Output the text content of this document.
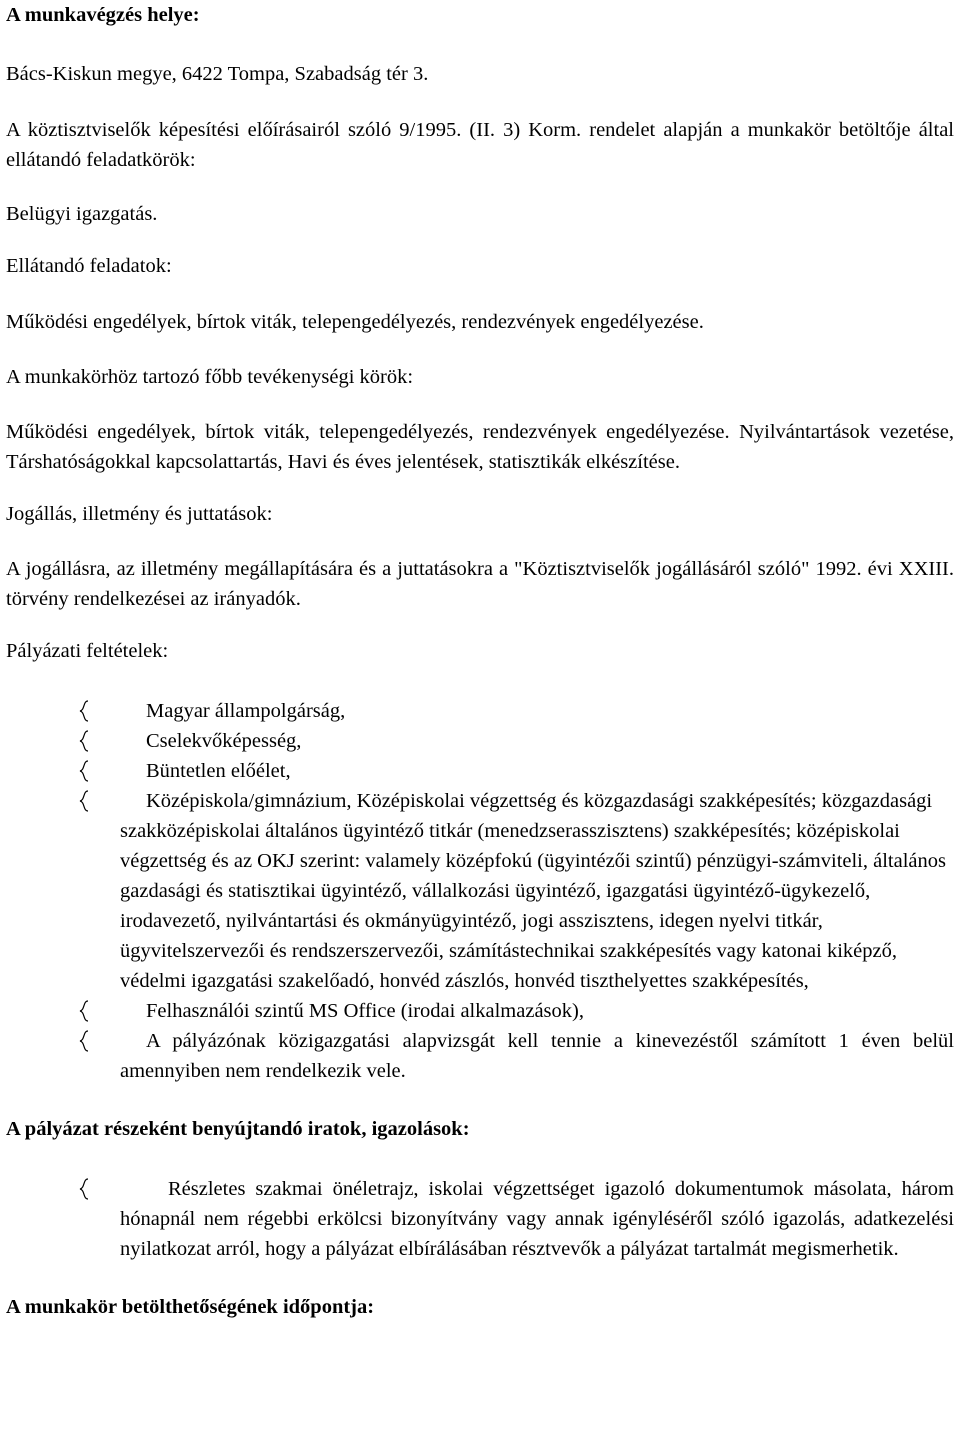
A munkavégzés helye:

Bács-Kiskun megye, 6422 Tompa, Szabadság tér 3.

A köztisztviselők képesítési előírásairól szóló 9/1995. (II. 3) Korm. rendelet alapján a munkakör betöltője által ellátandó feladatkörök:

Belügyi igazgatás.

Ellátandó feladatok:

Működési engedélyek, bírtok viták, telepengedélyezés, rendezvények engedélyezése.

A munkakörhöz tartozó főbb tevékenységi körök:

Működési engedélyek, bírtok viták, telepengedélyezés, rendezvények engedélyezése. Nyilvántartások vezetése, Társhatóságokkal kapcsolattartás, Havi és éves jelentések, statisztikák elkészítése.

Jogállás, illetmény és juttatások:

A jogállásra, az illetmény megállapítására és a juttatásokra a "Köztisztviselők jogállásáról szóló" 1992. évi XXIII. törvény rendelkezései az irányadók.

Pályázati feltételek:

Magyar állampolgárság,
Cselekvőképesség,
Büntetlen előélet,
Középiskola/gimnázium, Középiskolai végzettség és közgazdasági szakképesítés; közgazdasági szakközépiskolai általános ügyintéző titkár (menedzserasszisztens) szakképesítés; középiskolai végzettség és az OKJ szerint: valamely középfokú (ügyintézői szintű) pénzügyi-számviteli, általános gazdasági és statisztikai ügyintéző, vállalkozási ügyintéző, igazgatási ügyintéző-ügykezelő, irodavezető, nyilvántartási és okmányügyintéző, jogi asszisztens, idegen nyelvi titkár, ügyvitelszervezői és rendszerszervezői, számítástechnikai szakképesítés vagy katonai kiképző, védelmi igazgatási szakelőadó, honvéd zászlós, honvéd tiszthelyettes szakképesítés,
Felhasználói szintű MS Office (irodai alkalmazások),
A pályázónak közigazgatási alapvizsgát kell tennie a kinevezéstől számított 1 éven belül amennyiben nem rendelkezik vele.

A pályázat részeként benyújtandó iratok, igazolások:

Részletes szakmai önéletrajz, iskolai végzettséget igazoló dokumentumok másolata, három hónapnál nem régebbi erkölcsi bizonyítvány vagy annak igényléséről szóló igazolás, adatkezelési nyilatkozat arról, hogy a pályázat elbírálásában résztvevők a pályázat tartalmát megismerhetik.

A munkakör betölthetőségének időpontja:
